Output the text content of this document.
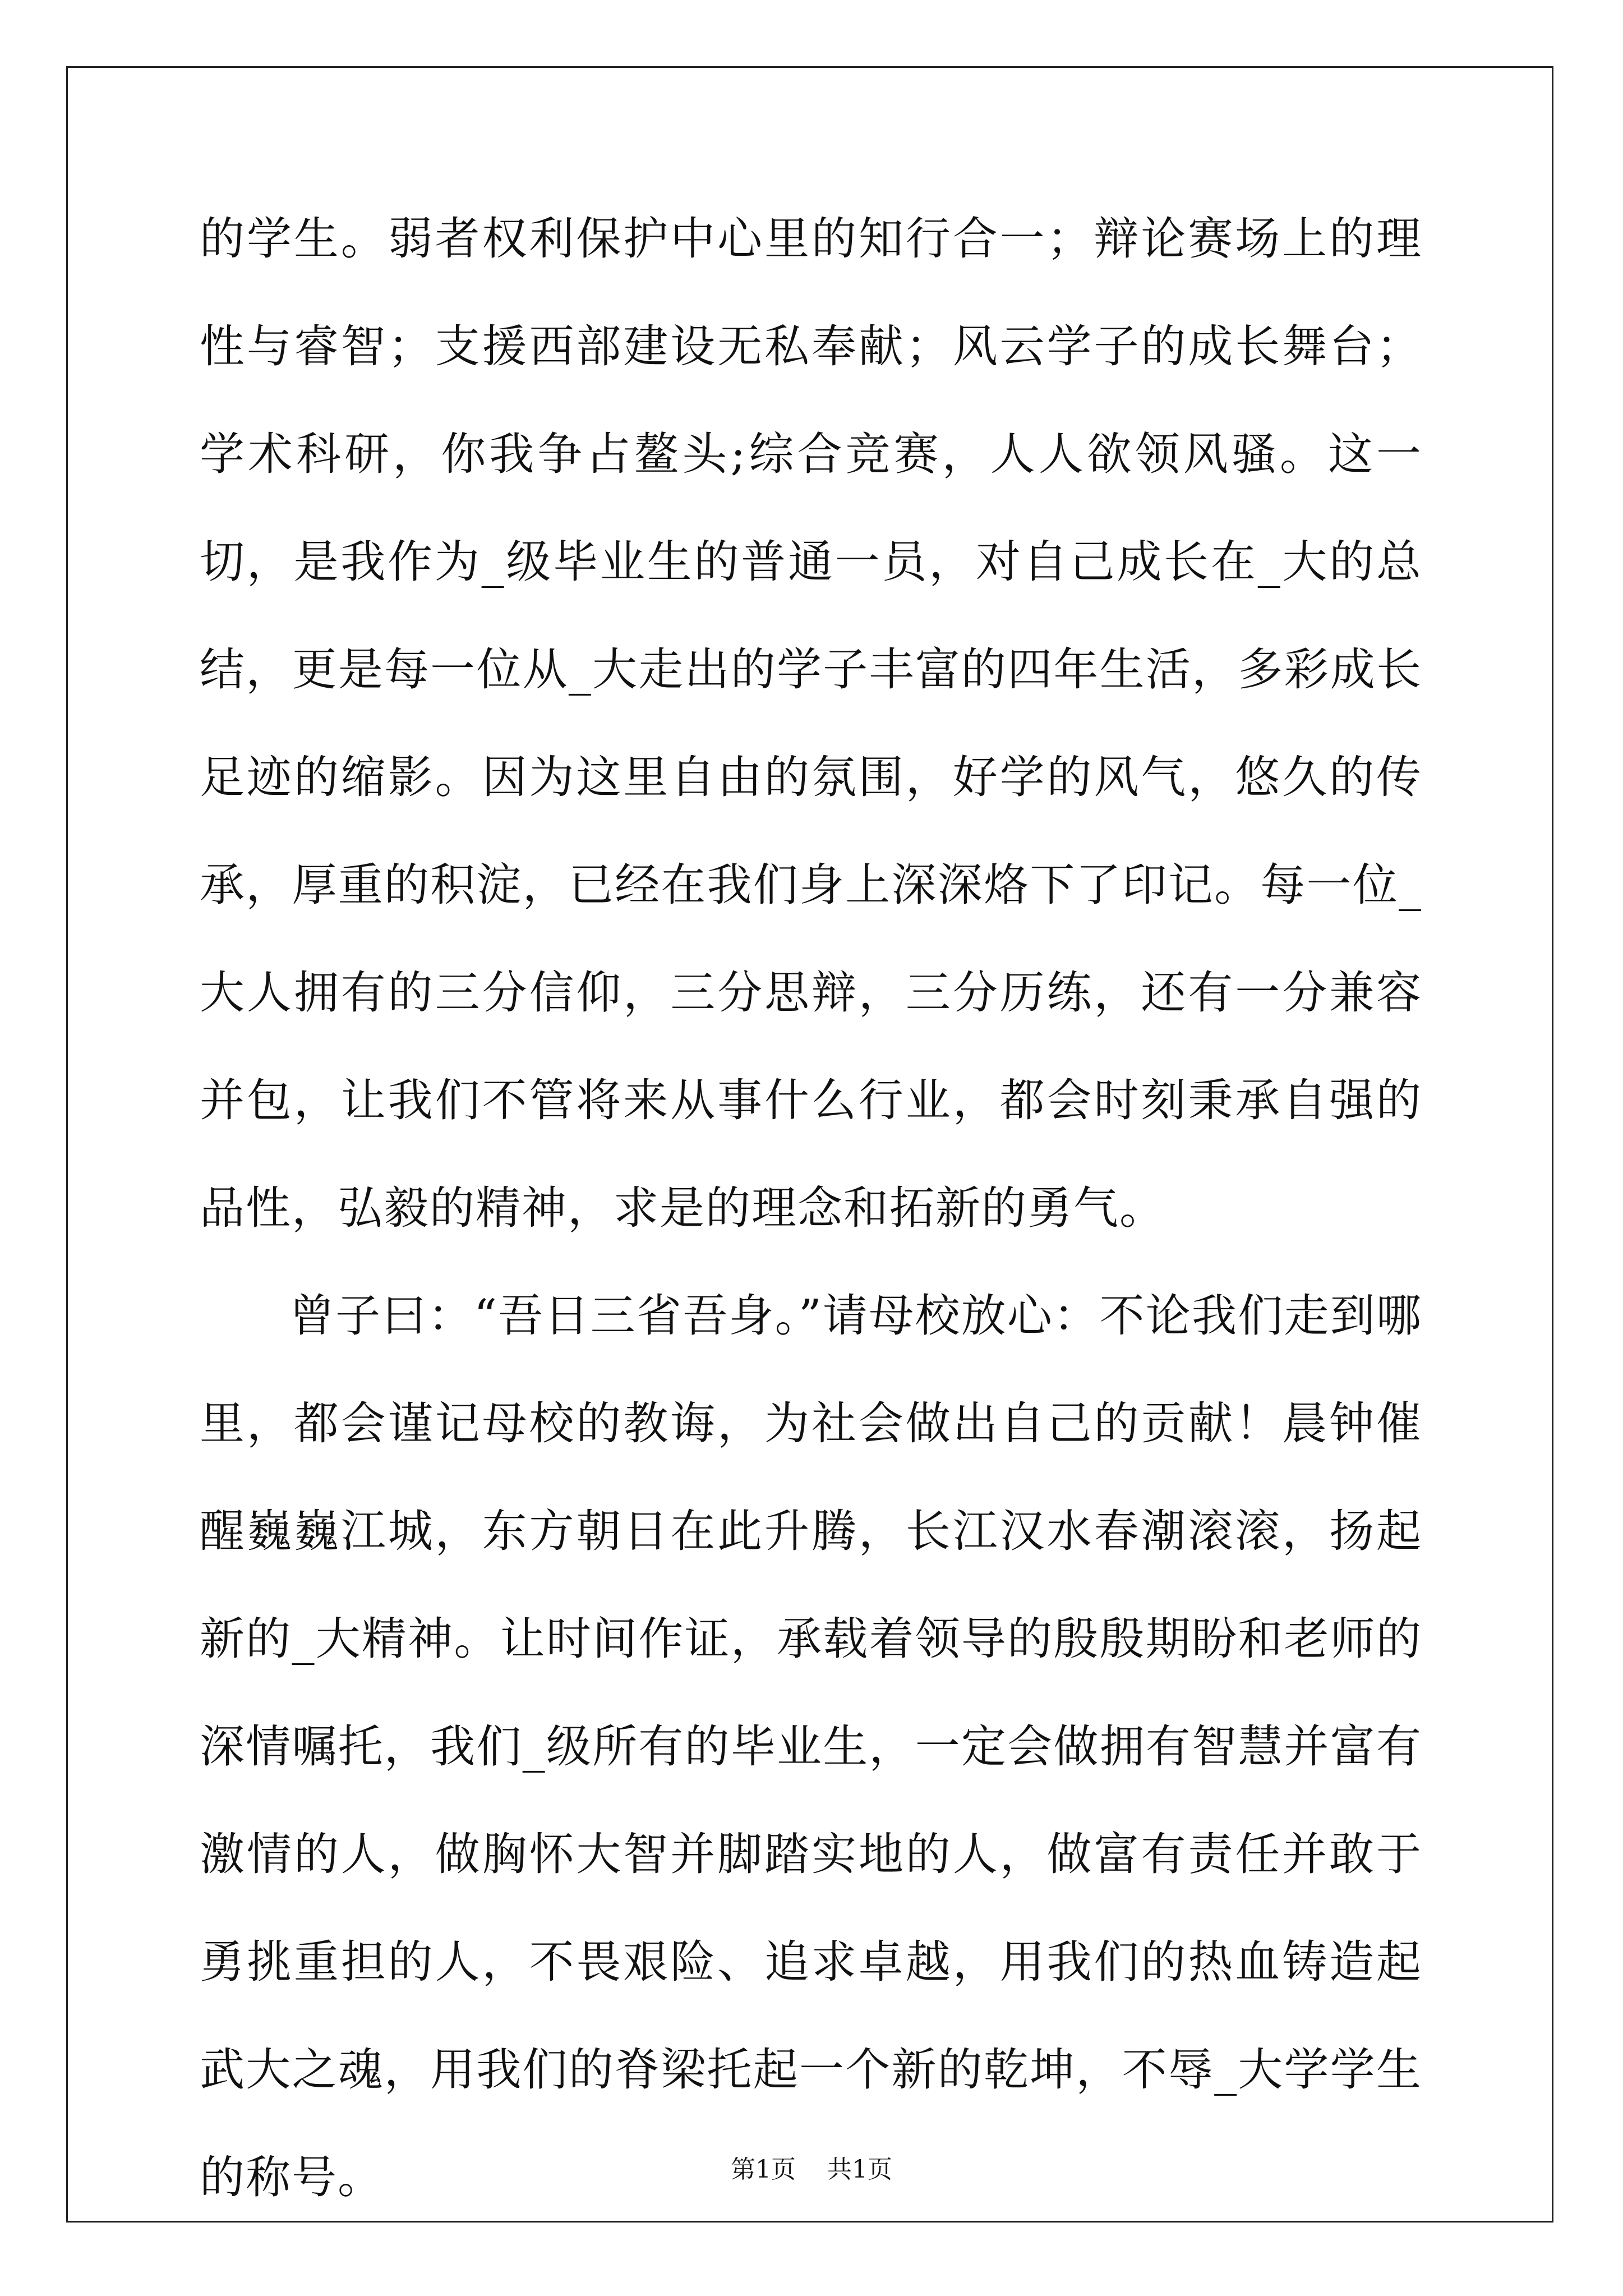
的学生。弱者权利保护中心里的知行合一；辩论赛场上的理性与睿智；支援西部建设无私奉献；风云学子的成长舞台；学术科研，你我争占鳌头;综合竞赛，人人欲领风骚。这一切，是我作为_级毕业生的普通一员，对自己成长在_大的总结，更是每一位从_大走出的学子丰富的四年生活，多彩成长足迹的缩影。因为这里自由的氛围，好学的风气，悠久的传承，厚重的积淀，已经在我们身上深深烙下了印记。每一位_大人拥有的三分信仰，三分思辩，三分历练，还有一分兼容并包，让我们不管将来从事什么行业，都会时刻秉承自强的品性，弘毅的精神，求是的理念和拓新的勇气。

曾子曰：“吾日三省吾身。”请母校放心：不论我们走到哪里，都会谨记母校的教诲，为社会做出自己的贡献！晨钟催醒巍巍江城，东方朝日在此升腾，长江汉水春潮滚滚，扬起新的_大精神。让时间作证，承载着领导的殷殷期盼和老师的深情嘱托，我们_级所有的毕业生，一定会做拥有智慧并富有激情的人，做胸怀大智并脚踏实地的人，做富有责任并敢于勇挑重担的人，不畏艰险、追求卓越，用我们的热血铸造起武大之魂，用我们的脊梁托起一个新的乾坤，不辱_大学学生的称号。	第1页 共1页
